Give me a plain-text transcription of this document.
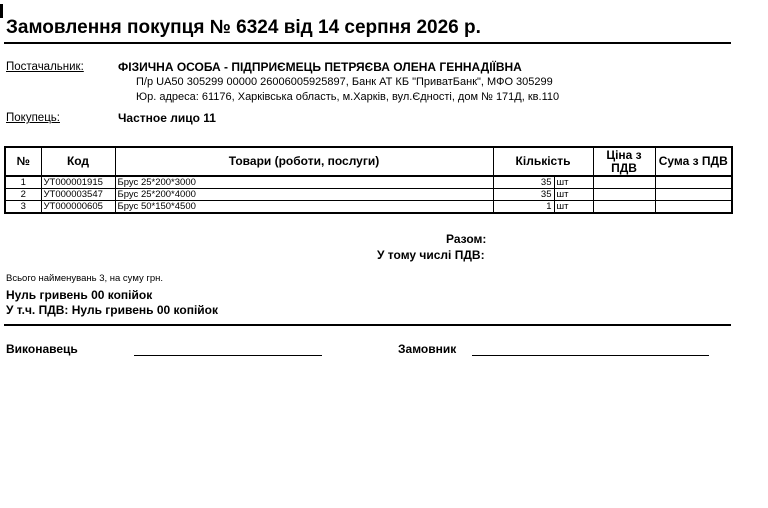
Замовлення покупця № 6324 від 14 серпня 2026 р.
Постачальник:	ФІЗИЧНА ОСОБА - ПІДПРИЄМЕЦЬ ПЕТРЯЄВА ОЛЕНА ГЕННАДІЇВНА
П/р UA50 305299 00000 26006005925897, Банк АТ КБ "ПриватБанк", МФО 305299
Юр. адреса: 61176, Харківська область, м.Харків, вул.Єдності, дом № 171Д, кв.110
Покупець:	Частное лицо 11
№	Код	Товари (роботи, послуги)	Кількість	Ціна з ПДВ	Сума з ПДВ
1	УТ000001915	Брус 25*200*3000	35 шт		

2	УТ000003547	Брус 25*200*4000	35 шт		

3	УТ000000605	Брус 50*150*4500	1 шт		

Разом:
У тому числі ПДВ:
Всього найменувань 3, на суму грн.
Нуль гривень 00 копійок
У т.ч. ПДВ: Нуль гривень 00 копійок
Виконавець	Замовник
